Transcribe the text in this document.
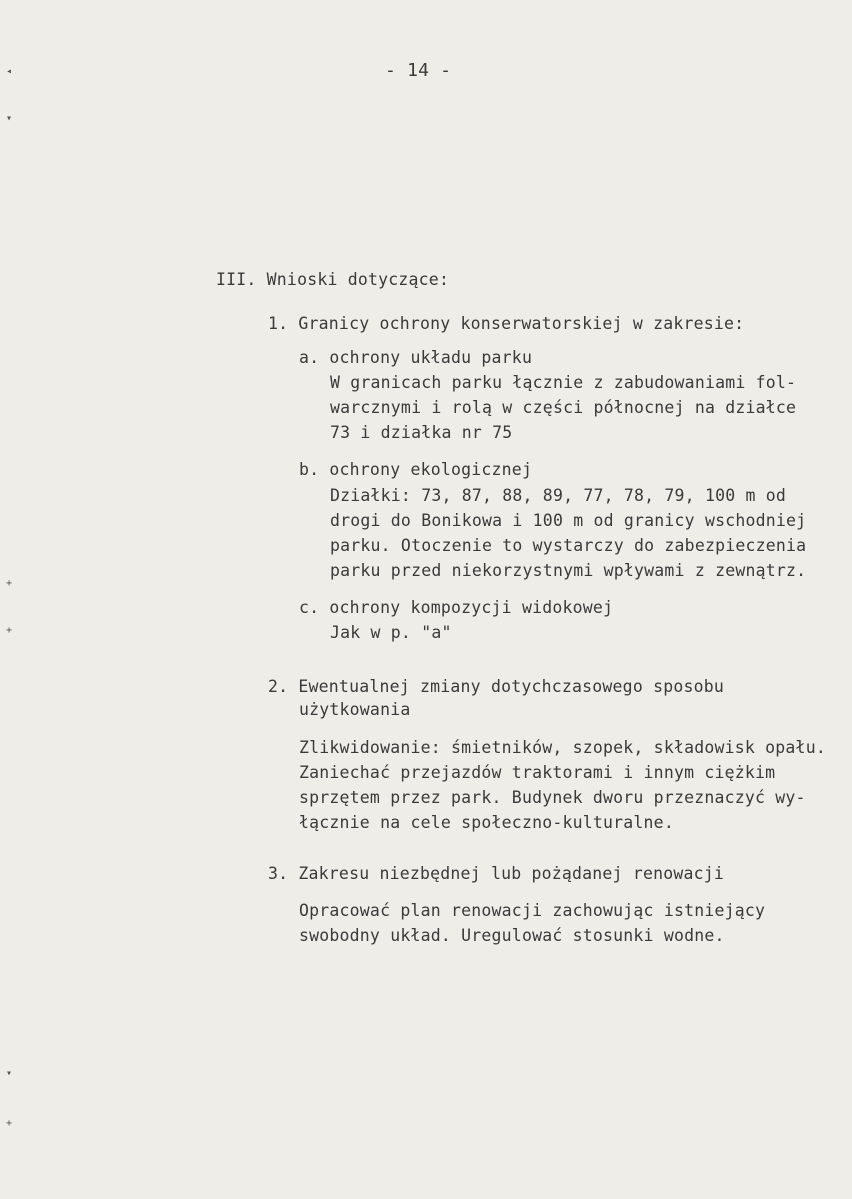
◂
▾
+
+
▾
+
- 14 -
III. Wnioski dotyczące:
1. Granicy ochrony konserwatorskiej w zakresie:
a. ochrony układu parku
W granicach parku łącznie z zabudowaniami fol-
warcznymi i rolą w części północnej na działce
73 i działka nr 75
b. ochrony ekologicznej
Działki: 73, 87, 88, 89, 77, 78, 79, 100 m od
drogi do Bonikowa i 100 m od granicy wschodniej
parku. Otoczenie to wystarczy do zabezpieczenia
parku przed niekorzystnymi wpływami z zewnątrz.
c. ochrony kompozycji widokowej
Jak w p. "a"
2. Ewentualnej zmiany dotychczasowego sposobu
użytkowania
Zlikwidowanie: śmietników, szopek, składowisk opału.
Zaniechać przejazdów traktorami i innym ciężkim
sprzętem przez park. Budynek dworu przeznaczyć wy-
łącznie na cele społeczno-kulturalne.
3. Zakresu niezbędnej lub pożądanej renowacji
Opracować plan renowacji zachowując istniejący
swobodny układ. Uregulować stosunki wodne.
